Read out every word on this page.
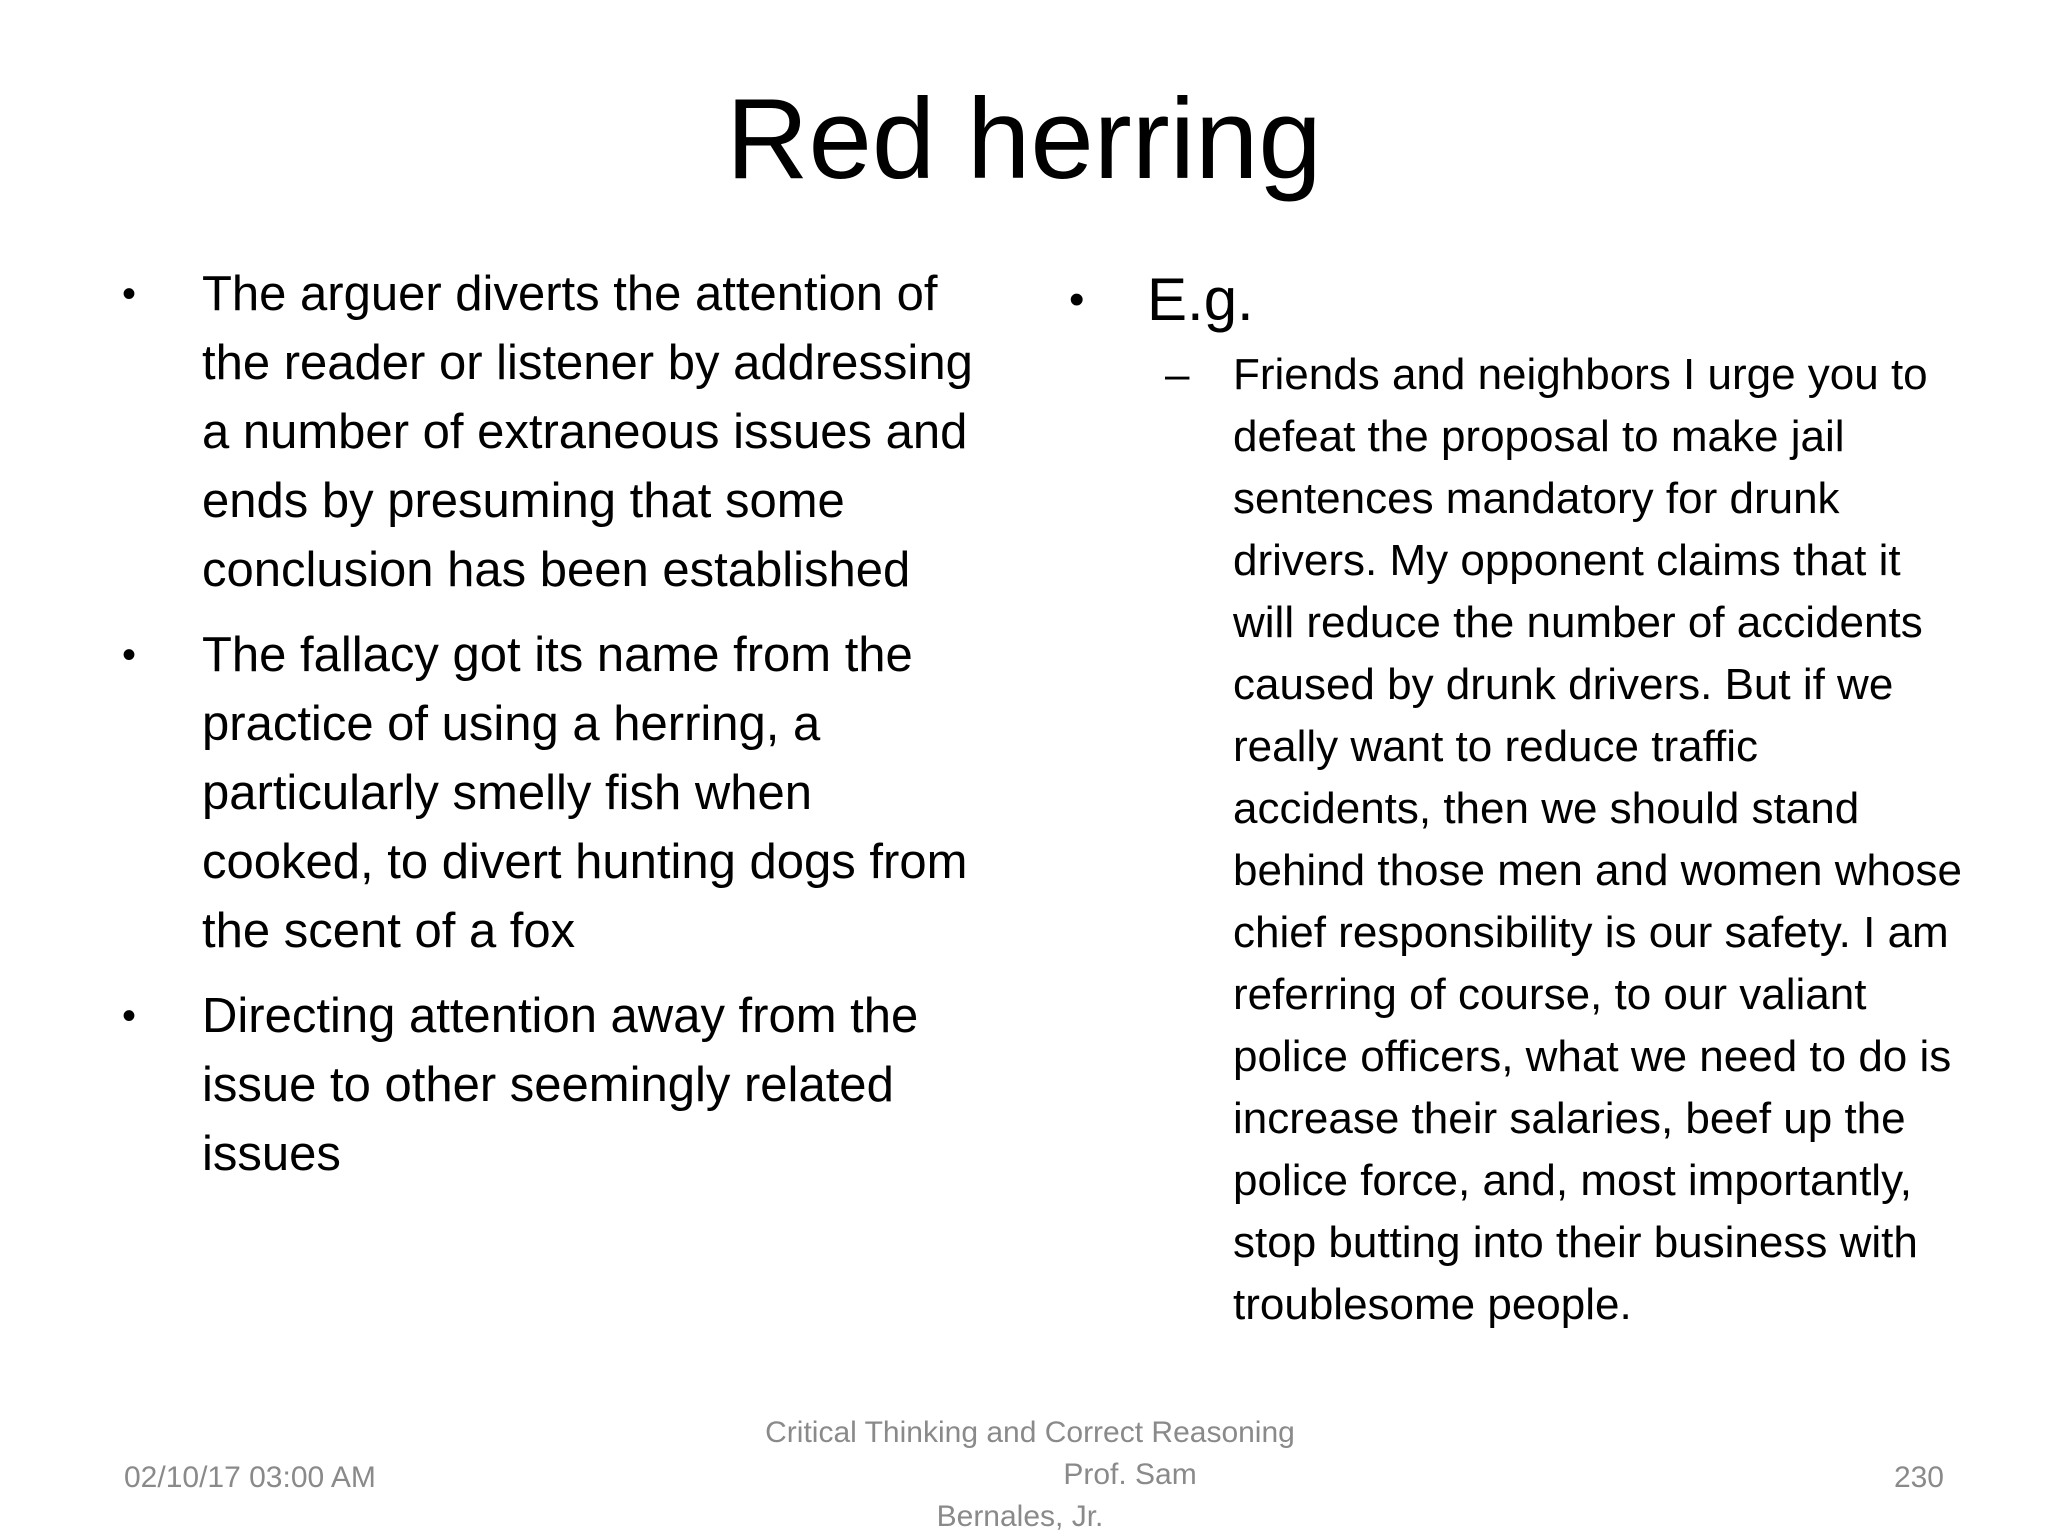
Red herring
• The arguer diverts the attention of the reader or listener by addressing a number of extraneous issues and ends by presuming that some conclusion has been established
• The fallacy got its name from the practice of using a herring, a particularly smelly fish when cooked, to divert hunting dogs from the scent of a fox
• Directing attention away from the issue to other seemingly related issues
• E.g.
– Friends and neighbors I urge you to defeat the proposal to make jail sentences mandatory for drunk drivers. My opponent claims that it will reduce the number of accidents caused by drunk drivers. But if we really want to reduce traffic accidents, then we should stand behind those men and women whose chief responsibility is our safety. I am referring of course, to our valiant police officers, what we need to do is increase their salaries, beef up the police force, and, most importantly, stop butting into their business with troublesome people.
02/10/17 03:00 AM
Critical Thinking and Correct Reasoning
Prof. Sam
Bernales, Jr.
230
